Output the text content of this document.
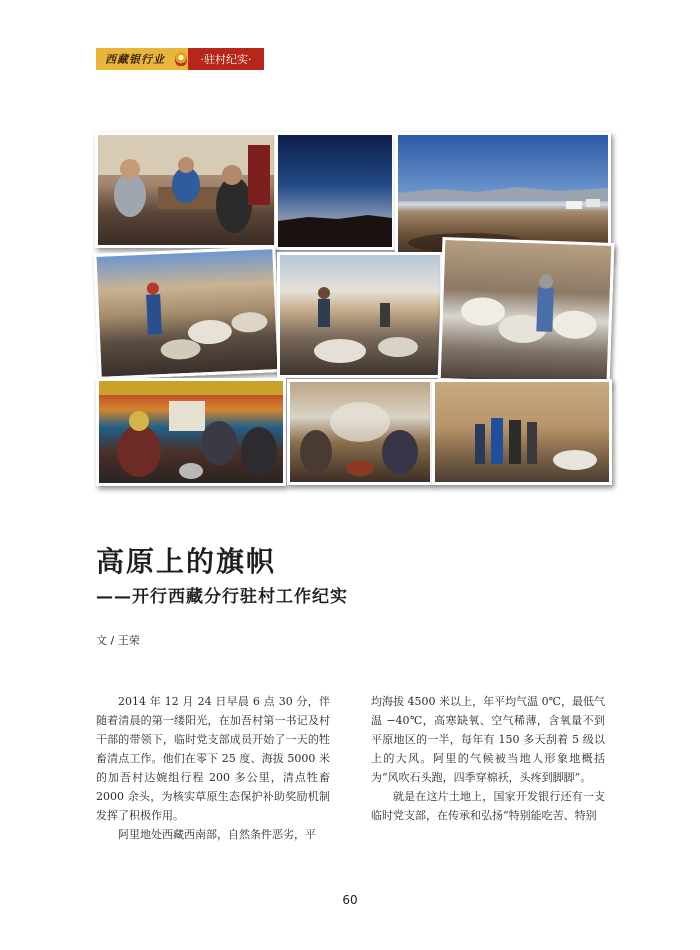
西藏银行业	·驻村纪实·
高原上的旗帜
——开行西藏分行驻村工作纪实
文 / 王荣

2014 年 12 月 24 日早晨 6 点 30 分，伴随着清晨的第一缕阳光，在加吾村第一书记及村干部的带领下，临时党支部成员开始了一天的牲畜清点工作。他们在零下 25 度、海拔 5000 米的加吾村达婉组行程 200 多公里，清点牲畜 2000 余头，为核实草原生态保护补助奖励机制发挥了积极作用。

阿里地处西藏西南部，自然条件恶劣，平

均海拔 4500 米以上，年平均气温 0℃，最低气温 −40℃，高寒缺氧、空气稀薄，含氧量不到平原地区的一半，每年有 150 多天刮着 5 级以上的大风。阿里的气候被当地人形象地概括为“风吹石头跑，四季穿棉袄，头疼到脚脚”。

就是在这片土地上，国家开发银行还有一支临时党支部，在传承和弘扬“特别能吃苦、特别

60
